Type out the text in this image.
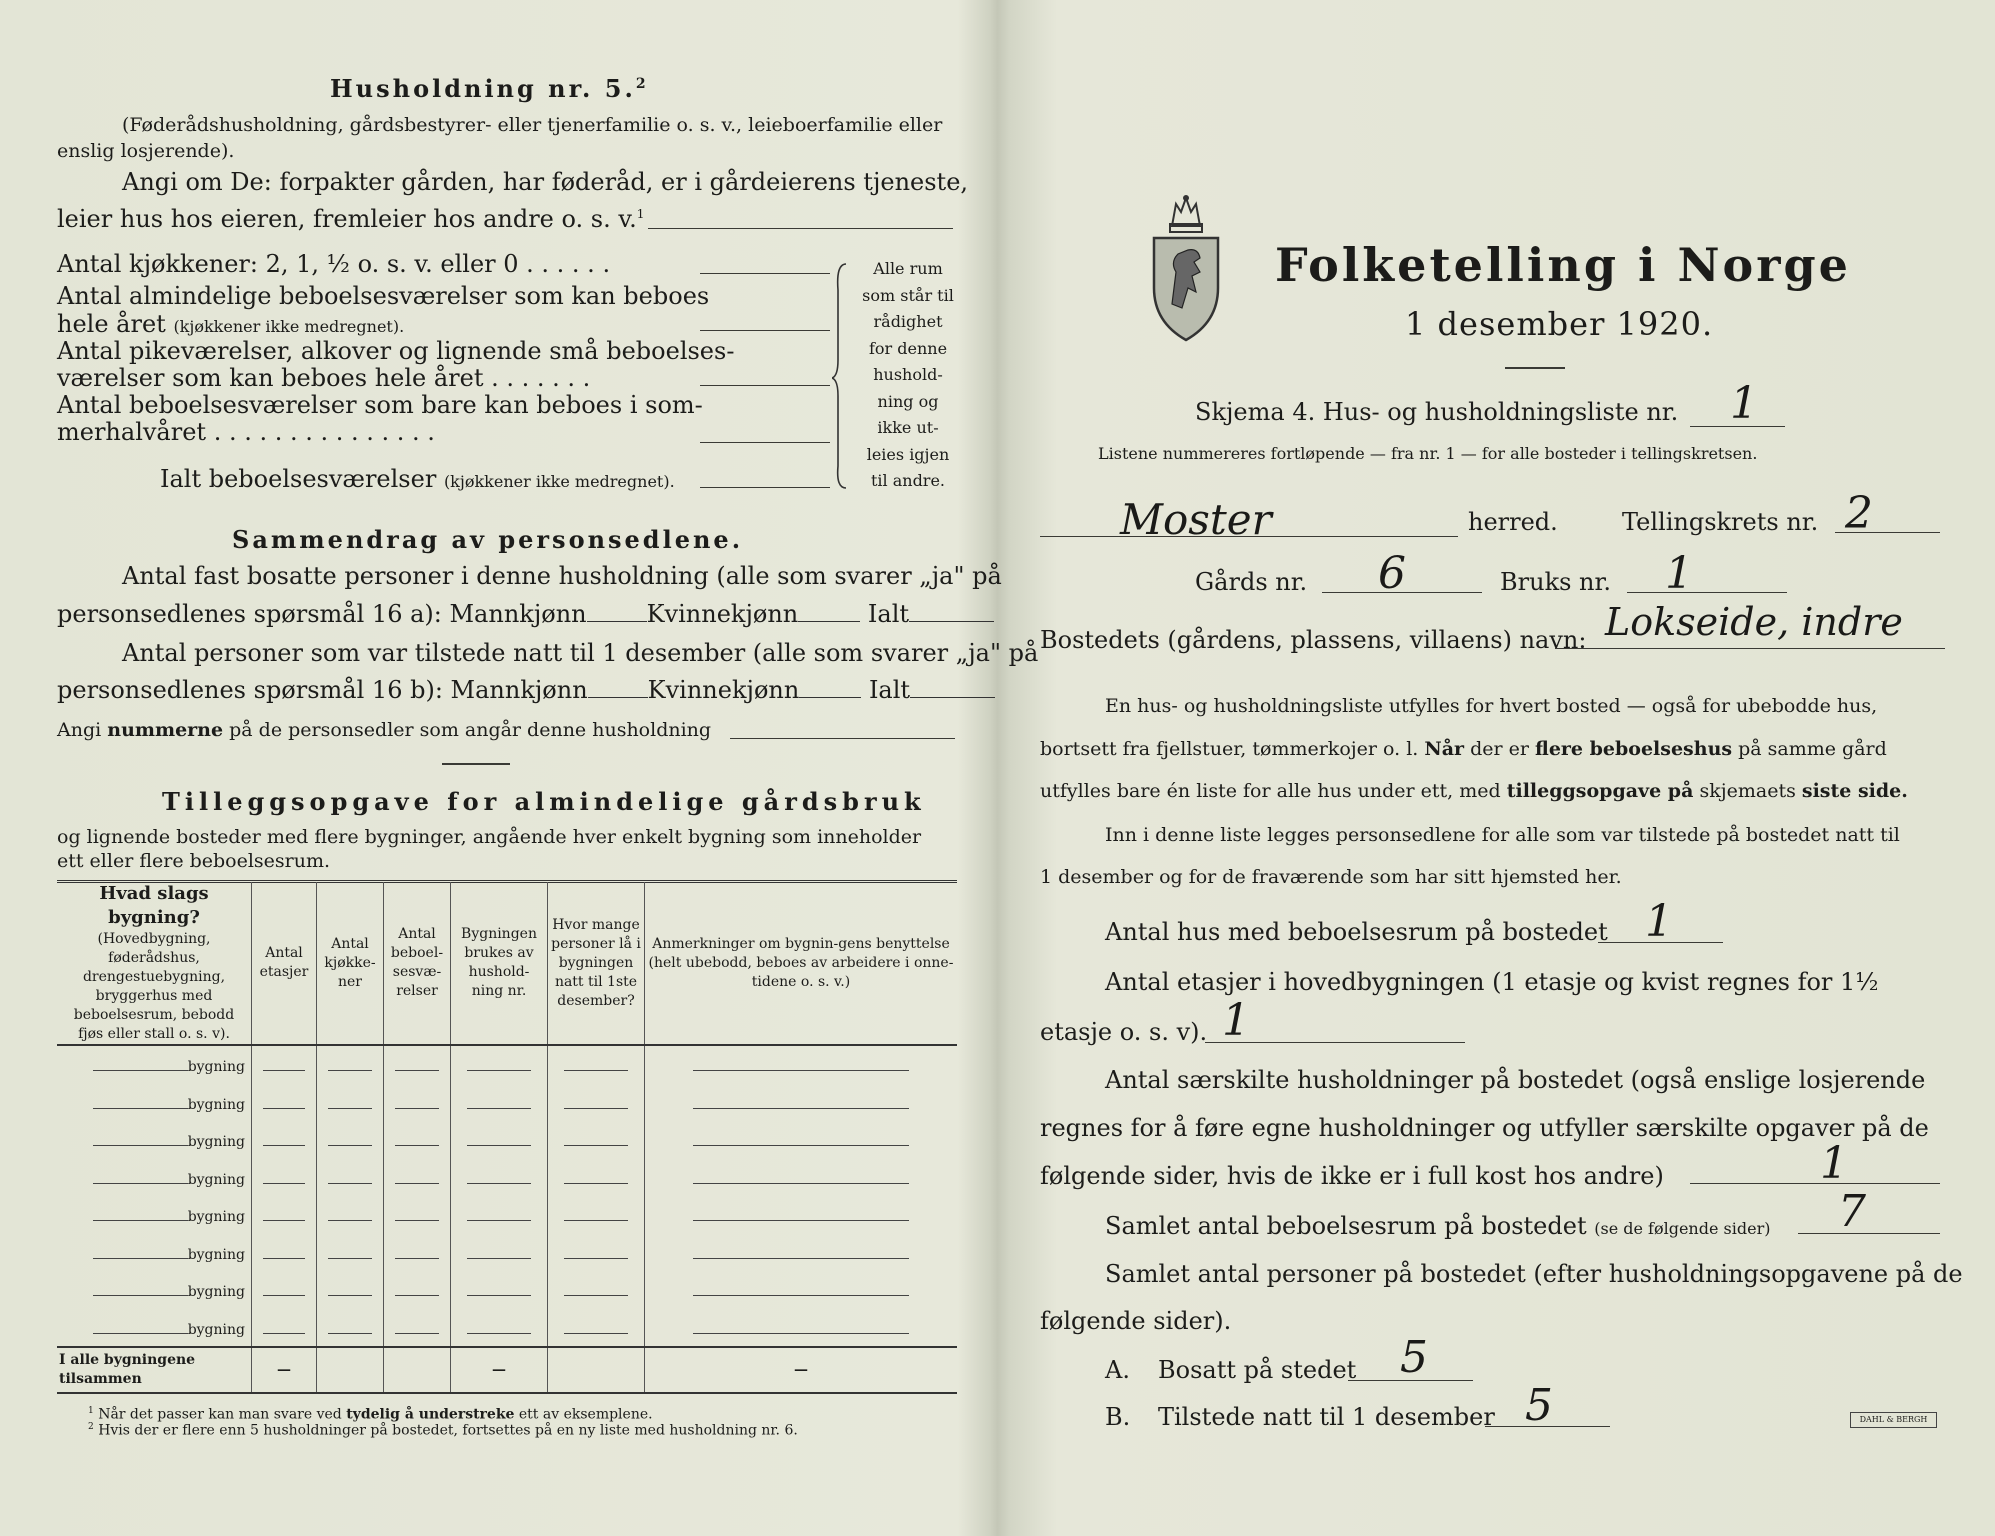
Husholdning nr. 5.$^2$
(Føderådshusholdning, gårdsbestyrer- eller tjenerfamilie o. s. v., leieboerfamilie eller
enslig losjerende).
Angi om De: forpakter gården, har føderåd, er i gårdeierens tjeneste,
leier hus hos eieren, fremleier hos andre o. s. v.$^1$
Antal kjøkkener: 2, 1, ½ o. s. v. eller 0 . . . . . .
Antal almindelige beboelsesværelser som kan beboes
hele året (kjøkkener ikke medregnet).
Antal pikeværelser, alkover og lignende små beboelses-
værelser som kan beboes hele året . . . . . . .
Antal beboelsesværelser som bare kan beboes i som-
merhalvåret . . . . . . . . . . . . . . .
Ialt beboelsesværelser (kjøkkener ikke medregnet).
Alle rum
som står til
rådighet
for denne
hushold-
ning og
ikke ut-
leies igjen
til andre.
Sammendrag av personsedlene.
Antal fast bosatte personer i denne husholdning (alle som svarer „ja" på
personsedlenes spørsmål 16 a): Mannkjønn	Kvinnekjønn	Ialt
Antal personer som var tilstede natt til 1 desember (alle som svarer „ja" på
personsedlenes spørsmål 16 b): Mannkjønn	Kvinnekjønn	Ialt
Angi nummerne på de personsedler som angår denne husholdning
Tilleggsopgave for almindelige gårdsbruk
og lignende bosteder med flere bygninger, angående hver enkelt bygning som inneholder
ett eller flere beboelsesrum.
Hvad slags bygning?
(Hovedbygning, føderådshus, drengestuebygning, bryggerhus med beboelsesrum, bebodd fjøs eller stall o. s. v).	Antal etasjer	Antal kjøkke-ner	Antal beboel-sesvæ-relser	Bygningen brukes av hushold-ning nr.	Hvor mange personer lå i bygningen natt til 1ste desember?	Anmerkninger om bygnin-gens benyttelse (helt ubebodd, beboes av arbeidere i onne-tidene o. s. v.)
bygning						
bygning						
bygning						
bygning						
bygning						
bygning						
bygning						
bygning						
I alle bygningene tilsammen	—			—		—
$^1$ Når det passer kan man svare ved tydelig å understreke ett av eksemplene.
$^2$ Hvis der er flere enn 5 husholdninger på bostedet, fortsettes på en ny liste med husholdning nr. 6.
Folketelling i Norge
1 desember 1920.
Skjema 4. Hus- og husholdningsliste nr. 1
Listene nummereres fortløpende — fra nr. 1 — for alle bosteder i tellingskretsen.
Moster	herred.	Tellingskrets nr. 2
Gårds nr. 6	Bruks nr. 1
Bostedets (gårdens, plassens, villaens) navn: Lokseide, indre
En hus- og husholdningsliste utfylles for hvert bosted — også for ubebodde hus,
bortsett fra fjellstuer, tømmerkojer o. l. Når der er flere beboelseshus på samme gård
utfylles bare én liste for alle hus under ett, med tilleggsopgave på skjemaets siste side.
Inn i denne liste legges personsedlene for alle som var tilstede på bostedet natt til
1 desember og for de fraværende som har sitt hjemsted her.
Antal hus med beboelsesrum på bostedet 1
Antal etasjer i hovedbygningen (1 etasje og kvist regnes for 1½
etasje o. s. v). 1
Antal særskilte husholdninger på bostedet (også enslige losjerende
regnes for å føre egne husholdninger og utfyller særskilte opgaver på de
følgende sider, hvis de ikke er i full kost hos andre)	1
Samlet antal beboelsesrum på bostedet (se de følgende sider) 7
Samlet antal personer på bostedet (efter husholdningsopgavene på de
følgende sider).
A. Bosatt på stedet 5
B. Tilstede natt til 1 desember 5	DAHL & BERGH
